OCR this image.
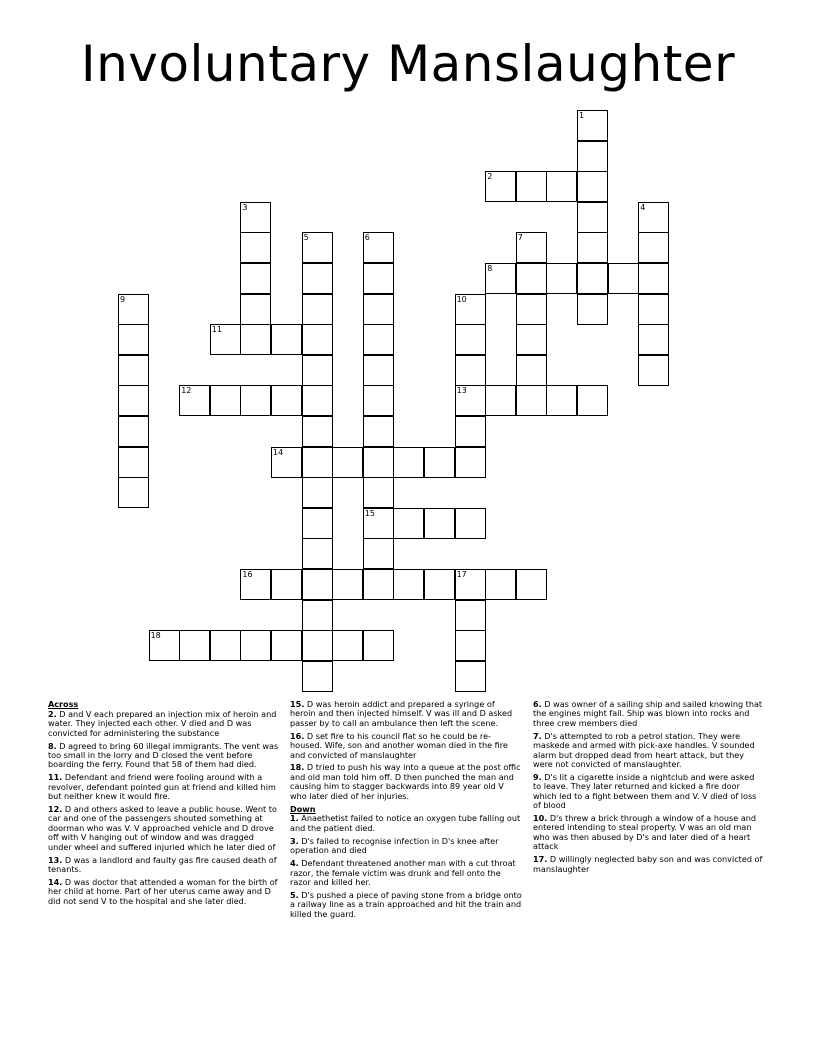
Involuntary Manslaughter
1
2
3	4
5	6	7
8
9	10
11
12	13
14
15
16	17
18
Across
2. D and V each prepared an injection mix of heroin and water. They injected each other. V died and D was convicted for administering the substance
8. D agreed to bring 60 illegal immigrants. The vent was too small in the lorry and D closed the vent before boarding the ferry. Found that 58 of them had died.
11. Defendant and friend were fooling around with a revolver, defendant pointed gun at friend and killed him but neither knew it would fire.
12. D and others asked to leave a public house. Went to car and one of the passengers shouted something at doorman who was V. V approached vehicle and D drove off with V hanging out of window and was dragged under wheel and suffered injuried which he later died of
13. D was a landlord and faulty gas fire caused death of tenants.
14. D was doctor that attended a woman for the birth of her child at home. Part of her uterus came away and D did not send V to the hospital and she later died.
15. D was heroin addict and prepared a syringe of heroin and then injected himself. V was ill and D asked passer by to call an ambulance then left the scene.
16. D set fire to his council flat so he could be re-housed. Wife, son and another woman died in the fire and convicted of manslaughter
18. D tried to push his way into a queue at the post offic and old man told him off. D then punched the man and causing him to stagger backwards into 89 year old V who later died of her injuries.
Down
1. Anaethetist failed to notice an oxygen tube falling out and the patient died.
3. D's failed to recognise infection in D's knee after operation and died
4. Defendant threatened another man with a cut throat razor, the female victim was drunk and fell onto the razor and killed her.
5. D's pushed a piece of paving stone from a bridge onto a railway line as a train approached and hit the train and killed the guard.
6. D was owner of a sailing ship and sailed knowing that the engines might fail. Ship was blown into rocks and three crew members died
7. D's attempted to rob a petrol station. They were maskede and armed with pick-axe handles. V sounded alarm but dropped dead from heart attack, but they were not convicted of manslaughter.
9. D's lit a cigarette inside a nightclub and were asked to leave. They later returned and kicked a fire door which led to a fight between them and V. V died of loss of blood
10. D's threw a brick through a window of a house and entered intending to steal property. V was an old man who was then abused by D's and later died of a heart attack
17. D willingly neglected baby son and was convicted of manslaughter
